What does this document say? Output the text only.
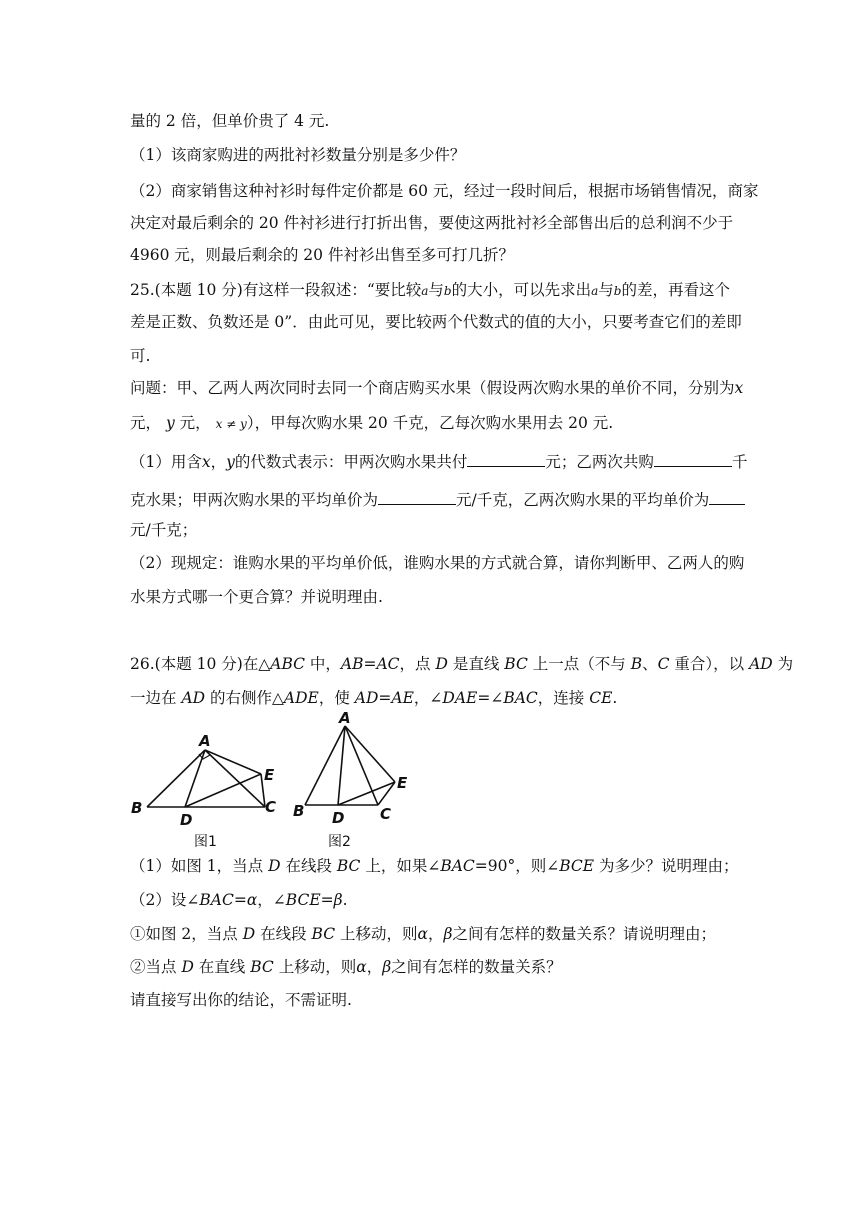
量的 2 倍，但单价贵了 4 元.
（1）该商家购进的两批衬衫数量分别是多少件？
（2）商家销售这种衬衫时每件定价都是 60 元，经过一段时间后，根据市场销售情况，商家
决定对最后剩余的 20 件衬衫进行打折出售，要使这两批衬衫全部售出后的总利润不少于
4960 元，则最后剩余的 20 件衬衫出售至多可打几折？
25.(本题 10 分)有这样一段叙述：“要比较a与b的大小，可以先求出a与b的差，再看这个
差是正数、负数还是 0”．由此可见，要比较两个代数式的值的大小，只要考查它们的差即
可.
问题：甲、乙两人两次同时去同一个商店购买水果（假设两次购水果的单价不同，分别为x
元， y 元， x ≠ y），甲每次购水果 20 千克，乙每次购水果用去 20 元.
（1）用含x，y的代数式表示：甲两次购水果共付	元；乙两次共购	千
克水果；甲两次购水果的平均单价为	元/千克，乙两次购水果的平均单价为
元/千克；
（2）现规定：谁购水果的平均单价低，谁购水果的方式就合算，请你判断甲、乙两人的购
水果方式哪一个更合算？并说明理由.
26.(本题 10 分)在△ABC 中，AB=AC，点 D 是直线 BC 上一点（不与 B、C 重合），以 AD 为
一边在 AD 的右侧作△ADE，使 AD=AE，∠DAE=∠BAC，连接 CE.
A
B
D
E
C
图1
A
B D
E
C
图2
（1）如图 1，当点 D 在线段 BC 上，如果∠BAC=90°，则∠BCE 为多少？说明理由；
（2）设∠BAC=α，∠BCE=β.
①如图 2，当点 D 在线段 BC 上移动，则α，β之间有怎样的数量关系？请说明理由；
②当点 D 在直线 BC 上移动，则α，β之间有怎样的数量关系？
请直接写出你的结论，不需证明.
